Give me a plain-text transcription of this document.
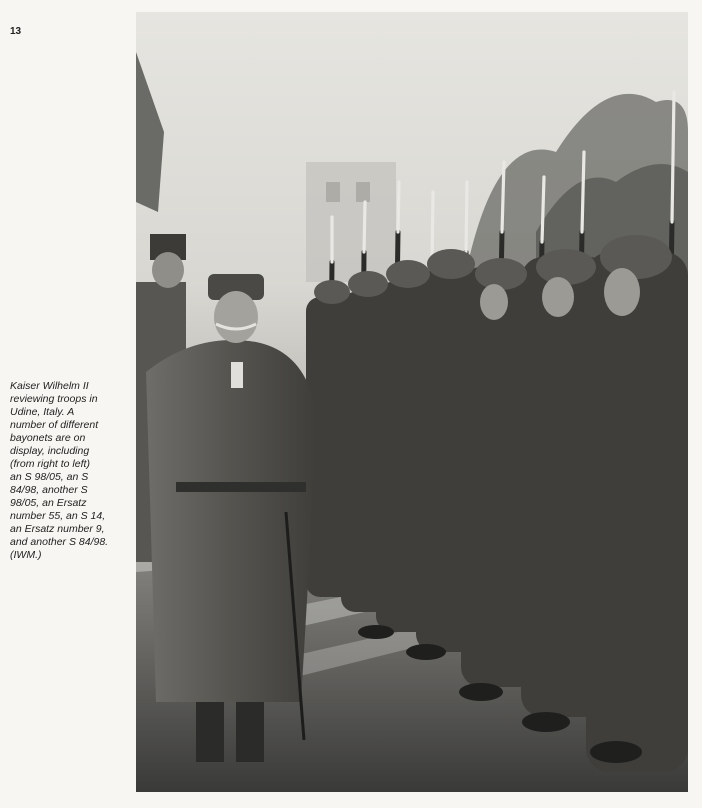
13
Kaiser Wilhelm II
reviewing troops in
Udine, Italy. A
number of different
bayonets are on
display, including
(from right to left)
an S 98/05, an S
84/98, another S
98/05, an Ersatz
number 55, an S 14,
an Ersatz number 9,
and another S 84/98.
(IWM.)
